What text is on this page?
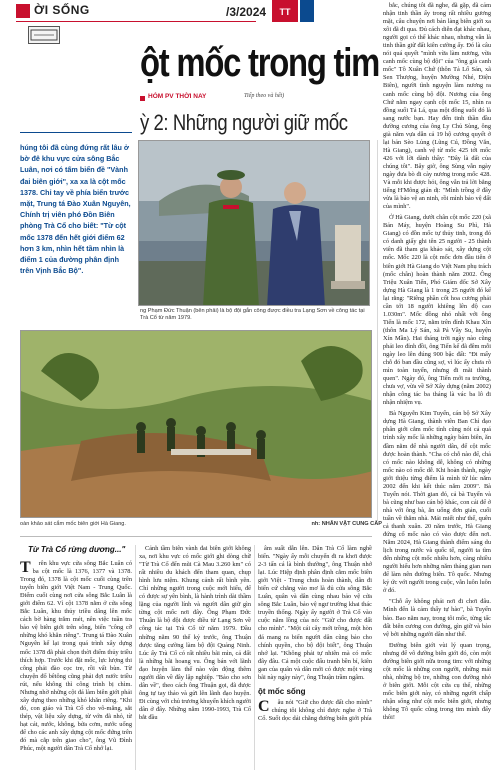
ỜI SỐNG	/3/2024 TT
ột mốc trong tim
HÓM PV THỜI NAY	Tiếp theo và hết)
ỳ 2: Những người giữ mốc
húng tôi đã cùng đứng rất lâu ở bờ đê khu vực cửa sông Bắc Luân, nơi có tấm biển đề "Vành đai biên giới", xa xa là cột mốc 1378. Chỉ tay về phía biển trước mặt, Trung tá Đào Xuân Nguyên, Chính trị viên phó Đồn Biên phòng Trà Cổ cho biết: "Từ cột mốc 1378 đến hết giới điểm 62 hơn 3 km, nhìn hết tầm nhìn là điểm 1 của đường phân định trên Vịnh Bắc Bộ".
ng Phạm Đức Thuận (bên phải) là bộ đội gắn công được điều tra Lạng Sơn về công tác tại Trà Cổ từ năm 1979.

bắc, chúng tôi đã nghe, đã gặp, đã cảm nhận tinh thần ấy trong rất nhiều gương mặt, câu chuyện nơi bản làng biên giới xa xôi đã đi qua. Đủ cách diễn đạt khác nhau, người gọi có thể khác nhau, nhưng vẫn là tinh thần giữ đất kiên cường ấy. Đó là câu nói quá quyết "mình vừa làm nương, vừa canh mốc cùng bộ đội" của "ông già canh mốc" Tô Xuân Chứ (thôn Tả Lố Sán, xã Sen Thượng, huyện Mường Nhé, Điện Biên), người tình nguyện làm nương ra canh mốc cùng bộ đội. Nương của ông Chứ nằm ngay cạnh cột mốc 15, nhìn ra đồng suối Tả Lá, qua một đồng suối đó là sang nước bạn. Hay đến tinh thần đầu đường cương của ông Ly Chủ Sùng, ông già năm vựa dẫn cả 19 hộ cương quyết ở lại bản Sèo Lủng (Lũng Cú, Đồng Văn, Hà Giang), canh vệ từ mốc 425 tới mốc 426 với lời dành thầy: "Đây là đất của chúng tôi". Bây giờ, ông Sùng vẫn ngày ngày đưa bò đi cày nương trong mốc 428. Và mỗi khi được hỏi, ông vẫn trả lời bằng tiếng H'Mông giản dị: "Mình trồng ở đây vừa là bảo vệ an ninh, rồi mình bảo vệ đất của mình".

Ở Hà Giang, dưới chân cột mốc 220 (xã Bản Máy, huyện Hoàng Su Phì, Hà Giang) có đồn mốc tự thủy tinh, trong đó có danh giấy ghi tên 25 người - 25 thành viên đã tham gia khảo sát, xây dựng cột mốc. Mốc 220 là cột mốc đơn đầu tiên ở biên giới Hà Giang do Việt Nam phụ trách (mốc chẵn) hoàn thành năm 2002. Ông Triệu Xuân Tiến, Phó Giám đốc Sở Xây dựng Hà Giang là 1 trong 25 người đó kể lại rằng: "Riêng phần cốt hoa cương phải cần tới 18 người khiêng lên độ cao 1.030m". Mốc đồng nhỏ nhất với ông Tiến là mốc 172, nằm trên đỉnh Khau Xìn (thôn Ma Lý Sán, xã Pả Vầy Su, huyện Xín Mần). Hai tháng trời ngày nào cũng phải leo đỉnh đồi, ông Tiến kể đã đêm mỗi ngày leo lên đúng 900 bậc đất: "Đi mấy chỗ đó ban đầu cũng sợ, vì lúc ấy chưa rõ mìn toàn tuyến, nhưng đi mãi thành quen". Ngày đó, ông Tiến mới ra trường, chưa vợ, vừa về Sở Xây dựng (năm 2002) nhận công tác ba tháng là vác ba lô đi nhận nhiệm vụ.

Bà Nguyễn Kim Tuyến, cán bộ Sở Xây dựng Hà Giang, thành viên Ban Chỉ đạo phân giới cắm mốc tỉnh cũng nói cả quá trình xây mốc là những ngày bám biên, ăn đầm nằm để nhà người dân, để cột mốc được hoàn thành. "Cha có chỗ nào để, chả có mốc nào không dễ, không có những mốc nào có mốc dễ. Khi hoàn thành, ngày giới thiệu từng điểm là mình từ lúc năm 2002 đến khi kết thúc năm 2009". Bà Tuyến nói. Thời gian đó, cả bà Tuyến và bà cũng như bao cán bộ khác, con cái để ở nhà với ông bà, ăn uống đơn giản, cuối tuần về thăm nhà. Mải miết như thế, quên cả thanh xuân. 20 năm trước, Hà Giang đứng cổ mốc nào có vào được đến nơi. Năm 2024, Hà Giang thành điểm sáng du lịch trong nước và quốc tế, người ta tìm đến những cột mốc nhiều hơn, càng nhiều người hiểu hơn những năm tháng gian nan để làm nên đường biên. Tô quốc. Nhưng kỷ ức với người trong cuộc, vẫn luôn luôn ở đó.

"Chỗ ấy không phải nơi đi chơi đâu. Mình đến là cảm thấy tự hào", bà Tuyến bảo. Bao năm nay, trong tôi mốc, từng tấc đất biên cương con đường, gìn giữ và bảo vệ bởi những người dân như thế.

Đường biên giới vùi lý quan trọng, nhưng để vô đường biên giới đó, còn một đường biên giới nữa trong tim: với những cột mốc là những con người, những mái nhà, những bộ tre, những con đường nhỏ ở biên giới. Mỗi cột cửa cụ thể, những mốc biên giới này, có những người chấp nhận sống như cột mốc biên giới, nhưng không Tô quốc cũng trong tim mình đấy thôi!

oàn khảo sát cắm mốc biên giới Hà Giang.	nh: NHÂN VẬT CUNG CẤP
Từ Trà Cổ rừng dương..."

T rên khu vực cửa sông Bắc Luân có ba cột mốc là 1376, 1377 và 1378. Trong đó, 1378 là cột mốc cuối cùng trên tuyến biên giới Việt Nam - Trung Quốc. Điểm cuối cùng nơi cửa sông Bắc Luân là giới điểm 62. Vì cột 1378 nằm ở cửa sông Bắc Luân, khu thủy triều dâng lên mốc cách bờ hàng trăm mét, nên việc tuần tra bảo vệ biên giới trên sông, biển "công cỡ những khó khăn riêng". Trung tá Đào Xuân Nguyên kể lại trong quá trình xây dựng mốc 1378 đã phải chọn thời điểm thủy triều thích hợp. Trước khi đặt mốc, lực lượng thi công phải đào cọc tre, rồi vất bùn. Từ chuyện đổ bêtông cũng phải đợi nước triều rút, nếu không thì công trình bị chìm. Nhưng nhờ những cột đá làm biên giới phải xây dựng theo những khó khăn riêng. "Khi đó, con giáo và Trà Cổ cho vô-măng, sắt thép, vật liệu xây dựng, từ vớn đã nhỏ, từ hạt cát, nước, không, bửa cơm, nước uống để cho các anh xây dựng cột mốc đứng trên đó mà cắp trên giao cho", ông Vũ Đình Phúc, một người dân Trà Cổ nhớ lại.

Cảnh tầm biên vành đai biên giới không xa, nơi khu vực có mốc giới ghi dòng chữ "Từ Trà Cổ đến mũi Cà Mau 3.260 km" có rất nhiều du khách đến tham quan, chụp hình lưu niệm. Khung cảnh rất bình yên. Chỉ những người trong cuộc mới hiểu, để có được sự yên bình, là hành trình dài thầm lặng của người lính và người dân giữ gìn từng cột mốc nơi đây. Ông Phạm Đức Thuận là bộ đội được điều từ Lạng Sơn về công tác tại Trà Cổ từ năm 1979. Đầu những năm 90 thế kỷ trước, ông Thuận được tăng cường làm bộ đội Quảng Ninh. Lúc ấy Trà Cổ có rất nhiều bãi mìn, cả đất là những bãi hoang vu. Ông bán với lãnh đạo huyện làm thế nào vận động thêm người dân về đây lập nghiệp. "Bảo cho sơn dân về", theo cách ông Thuận gọi, đã được ông tự tay thảo và gửi lên lãnh đạo huyện. Đi cùng với chủ trương khuyến khích người dân ở đây. Những năm 1990-1993, Trà Cổ bắt đầu

âm suất dẫn lên. Dân Trà Cổ làm nghề biển. "Ngày ấy mỗi chuyến đi ra khơi được 2-3 tấn cá là bình thường", ông Thuận nhớ lại. Lúc Hiệp định phân định cắm mốc biên giới Việt - Trung chưa hoàn thành, dân đi biển cứ chẳng vào mơ là đủ cửa sông Bắc Luân, quân và dân cùng nhau bảo vệ cửa sông Bắc Luân, bảo vệ ngư trường khai thác truyền thống. Ngày ấy người ở Trà Cổ vào cuộc năm lồng của nó: "Giữ cho được đất cho mình". "Một cái cây mới trồng, một hòn đá mang ra biển người dân cũng bảo cho chính quyền, cho bộ đội biết", ông Thuận nhớ lại. "Không phải tự nhiên mà có mốc đây đâu. Cả một cuộc đấu tranh bền bỉ, kiên gan của quân và dân mới có được một vùng bãi này ngày này", ông Thuận trầm ngâm.

ột mốc sống

C âu nói "Giữ cho được đất cho mình" chúng tôi không chỉ được nghe ở Trà Cổ. Suốt dọc dải chăng đường biên giới phía
